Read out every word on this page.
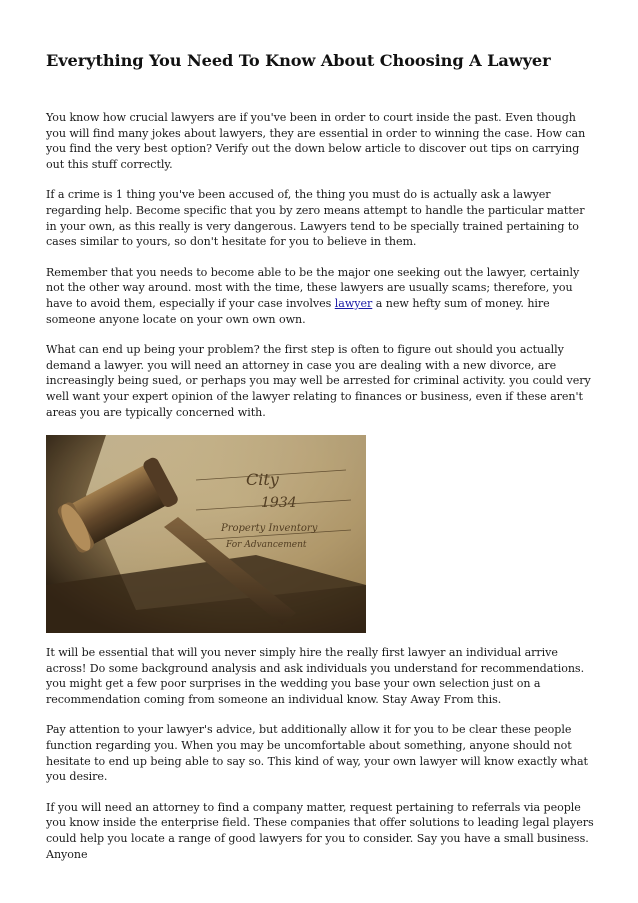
Everything You Need To Know About Choosing A Lawyer

You know how crucial lawyers are if you've been in order to court inside the past. Even though you will find many jokes about lawyers, they are essential in order to winning the case. How can you find the very best option? Verify out the down below article to discover out tips on carrying out this stuff correctly.

If a crime is 1 thing you've been accused of, the thing you must do is actually ask a lawyer regarding help. Become specific that you by zero means attempt to handle the particular matter in your own, as this really is very dangerous. Lawyers tend to be specially trained pertaining to cases similar to yours, so don't hesitate for you to believe in them.

Remember that you needs to become able to be the major one seeking out the lawyer, certainly not the other way around. most with the time, these lawyers are usually scams; therefore, you have to avoid them, especially if your case involves lawyer a new hefty sum of money. hire someone anyone locate on your own own own.

What can end up being your problem? the first step is often to figure out should you actually demand a lawyer. you will need an attorney in case you are dealing with a new divorce, are increasingly being sued, or perhaps you may well be arrested for criminal activity. you could very well want your expert opinion of the lawyer relating to finances or business, even if these aren't areas you are typically concerned with.

City
1934
Property Inventory
For Advancement

It will be essential that will you never simply hire the really first lawyer an individual arrive across! Do some background analysis and ask individuals you understand for recommendations. you might get a few poor surprises in the wedding you base your own selection just on a recommendation coming from someone an individual know. Stay Away From this.

Pay attention to your lawyer's advice, but additionally allow it for you to be clear these people function regarding you. When you may be uncomfortable about something, anyone should not hesitate to end up being able to say so. This kind of way, your own lawyer will know exactly what you desire.

If you will need an attorney to find a company matter, request pertaining to referrals via people you know inside the enterprise field. These companies that offer solutions to leading legal players could help you locate a range of good lawyers for you to consider. Say you have a small business. Anyone
